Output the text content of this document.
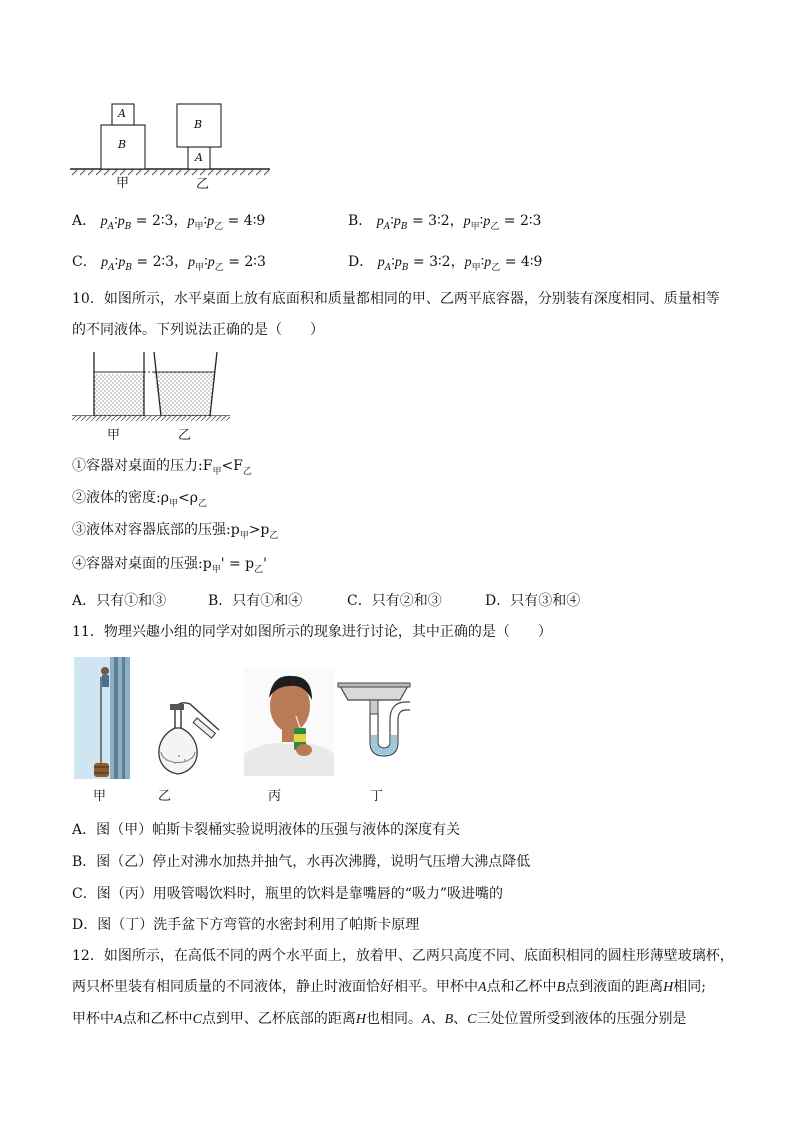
A
B
B
A
甲	乙
A． $p_A∶p_B$ = 2∶3，$p_甲∶p_乙$ = 4∶9	B． $p_A∶p_B$ = 3∶2，$p_甲∶p_乙$ = 2∶3
C． $p_A∶p_B$ = 2∶3，$p_甲∶p_乙$ = 2∶3	D． $p_A∶p_B$ = 3∶2，$p_甲∶p_乙$ = 4∶9
10．如图所示，水平桌面上放有底面积和质量都相同的甲、乙两平底容器，分别装有深度相同、质量相等
的不同液体。下列说法正确的是（　　）
甲	乙
①容器对桌面的压力$:F_甲<F_乙$
②液体的密度$:\rho_甲<\rho_乙$
③液体对容器底部的压强$:p_甲>p_乙$
④容器对桌面的压强$:p_甲' = p_乙'$
A．只有①和③	B．只有①和④	C．只有②和③	D．只有③和④
11．物理兴趣小组的同学对如图所示的现象进行讨论，其中正确的是（　　）
甲	乙	丙	丁
A．图（甲）帕斯卡裂桶实验说明液体的压强与液体的深度有关
B．图（乙）停止对沸水加热并抽气，水再次沸腾，说明气压增大沸点降低
C．图（丙）用吸管喝饮料时，瓶里的饮料是靠嘴唇的“吸力”吸进嘴的
D．图（丁）洗手盆下方弯管的水密封利用了帕斯卡原理
12．如图所示，在高低不同的两个水平面上，放着甲、乙两只高度不同、底面积相同的圆柱形薄壁玻璃杯，
两只杯里装有相同质量的不同液体，静止时液面恰好相平。甲杯中A点和乙杯中B点到液面的距离H相同;
甲杯中A点和乙杯中C点到甲、乙杯底部的距离H也相同。A、B、C三处位置所受到液体的压强分别是
